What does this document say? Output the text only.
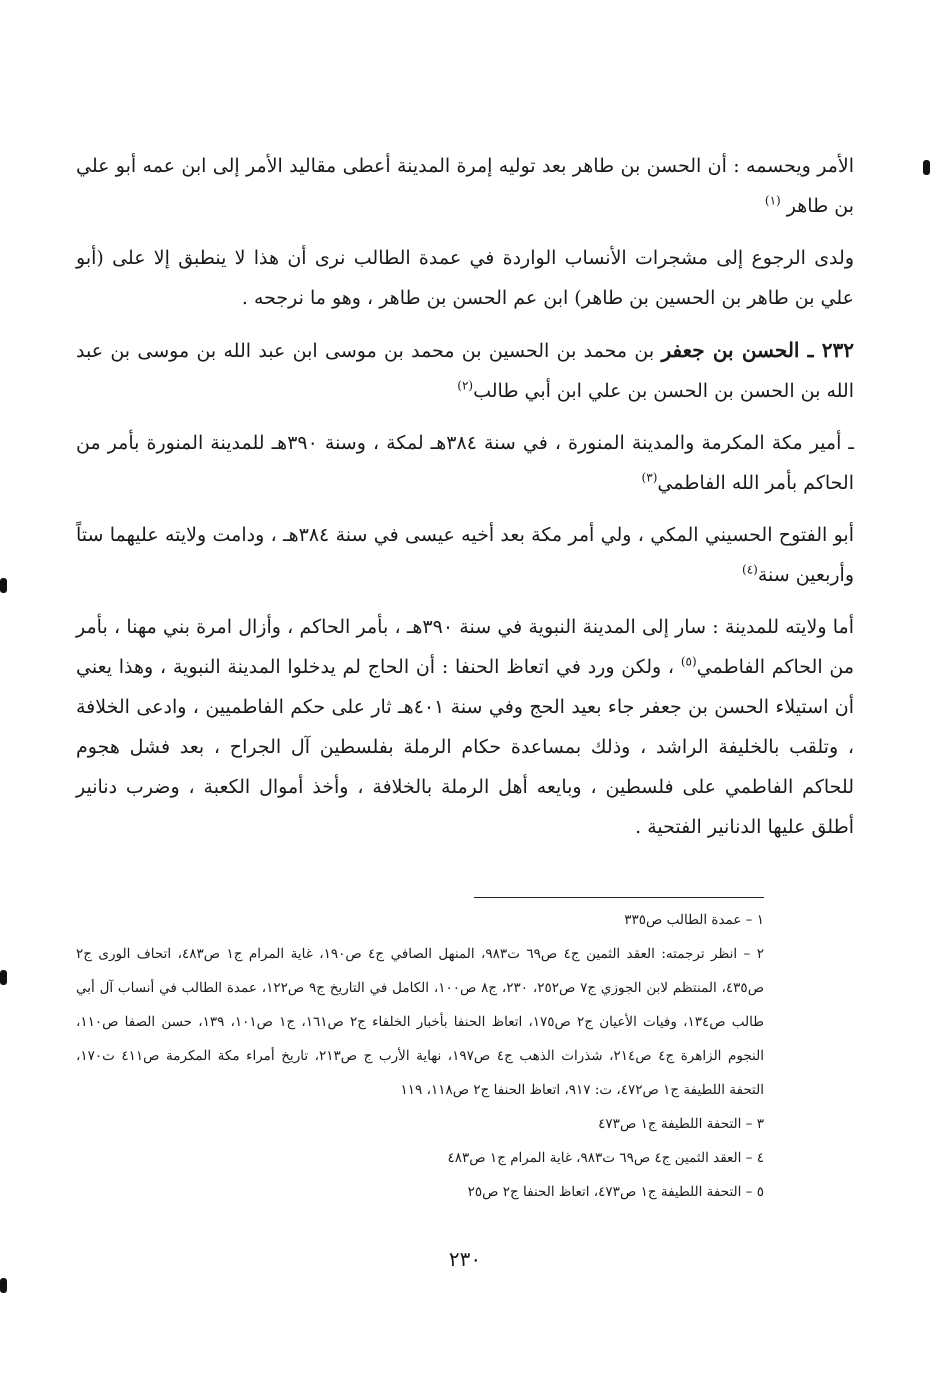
الأمر ويحسمه : أن الحسن بن طاهر بعد توليه إمرة المدينة أعطى مقاليد الأمر إلى ابن عمه أبو علي بن طاهر $^{(١)}$

ولدى الرجوع إلى مشجرات الأنساب الواردة في عمدة الطالب نرى أن هذا لا ينطبق إلا على (أبو علي بن طاهر بن الحسين بن طاهر) ابن عم الحسن بن طاهر ، وهو ما نرجحه .

٢٣٢ ـ الحسن بن جعفر بن محمد بن الحسين بن محمد بن موسى ابن عبد الله بن موسى بن عبد الله بن الحسن بن الحسن بن علي ابن أبي طالب$^{(٢)}$

ـ أمير مكة المكرمة والمدينة المنورة ، في سنة ٣٨٤هـ لمكة ، وسنة ٣٩٠هـ للمدينة المنورة بأمر من الحاكم بأمر الله الفاطمي$^{(٣)}$

أبو الفتوح الحسيني المكي ، ولي أمر مكة بعد أخيه عيسى في سنة ٣٨٤هـ ، ودامت ولايته عليهما ستاً وأربعين سنة$^{(٤)}$

أما ولايته للمدينة : سار إلى المدينة النبوية في سنة ٣٩٠هـ ، بأمر الحاكم ، وأزال امرة بني مهنا ، بأمر من الحاكم الفاطمي$^{(٥)}$ ، ولكن ورد في اتعاظ الحنفا : أن الحاج لم يدخلوا المدينة النبوية ، وهذا يعني أن استيلاء الحسن بن جعفر جاء بعيد الحج وفي سنة ٤٠١هـ ثار على حكم الفاطميين ، وادعى الخلافة ، وتلقب بالخليفة الراشد ، وذلك بمساعدة حكام الرملة بفلسطين آل الجراح ، بعد فشل هجوم للحاكم الفاطمي على فلسطين ، وبايعه أهل الرملة بالخلافة ، وأخذ أموال الكعبة ، وضرب دنانير أطلق عليها الدنانير الفتحية .

١ – عمدة الطالب ص٣٣٥

٢ – انظر ترجمته: العقد الثمين ج٤ ص٦٩ ت٩٨٣، المنهل الصافي ج٤ ص١٩٠، غاية المرام ج١ ص٤٨٣، اتحاف الورى ج٢ ص٤٣٥، المنتظم لابن الجوزي ج٧ ص٢٥٢، ٢٣٠، ج٨ ص١٠٠، الكامل في التاريخ ج٩ ص١٢٢، عمدة الطالب في أنساب آل أبي طالب ص١٣٤، وفيات الأعيان ج٢ ص١٧٥، اتعاظ الحنفا بأخبار الخلفاء ج٢ ص١٦١، ج١ ص١٠١، ١٣٩، حسن الصفا ص١١٠، النجوم الزاهرة ج٤ ص٢١٤، شذرات الذهب ج٤ ص١٩٧، نهاية الأرب ج ص٢١٣، تاريخ أمراء مكة المكرمة ص٤١١ ت١٧٠، التحفة اللطيفة ج١ ص٤٧٢، ت: ٩١٧، اتعاظ الحنفا ج٢ ص١١٨، ١١٩

٣ – التحفة اللطيفة ج١ ص٤٧٣

٤ – العقد الثمين ج٤ ص٦٩ ت٩٨٣، غاية المرام ج١ ص٤٨٣

٥ – التحفة اللطيفة ج١ ص٤٧٣، اتعاظ الحنفا ج٢ ص٢٥

٢٣٠
